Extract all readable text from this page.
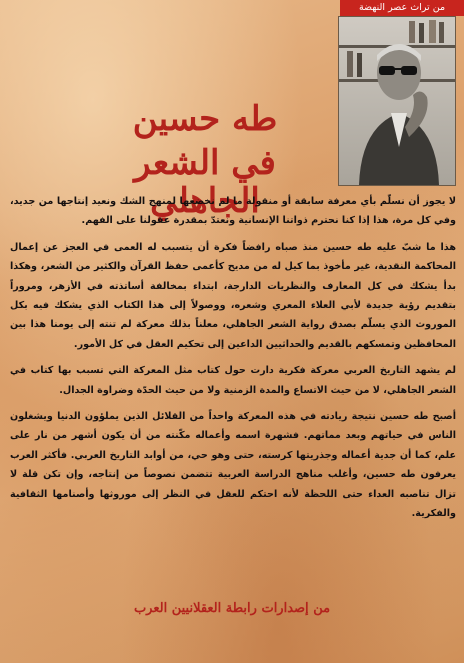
من تراث عصر النهضة
طه حسين
في الشعر الجاهلي

لا يجوز أن نسلّم بأي معرفة سابقة أو منقولة ما لم نخضعها لمنهج الشك ونعيد إنتاجها من جديد، وفي كل مرة، هذا إذا كنا نحترم ذواتنا الإنسانية ونعتدّ بمقدرة عقولنا على الفهم.

هذا ما شبّ عليه طه حسين منذ صباه رافضاً فكرة أن يتسبب له العمى في العجز عن إعمال المحاكمة النقدية، غير مأخوذ بما كيل له من مديح كأعمى حفظ القرآن والكثير من الشعر، وهكذا بدأ يشكك في كل المعارف والنظريات الدارجة، ابتداء بمخالفة أساتذته في الأزهر، ومروراً بتقديم رؤية جديدة لأبي العلاء المعري وشعره، ووصولاً إلى هذا الكتاب الذي يشكك فيه بكل الموروث الذي يسلّم بصدق رواية الشعر الجاهلي، معلناً بذلك معركة لم تنته إلى يومنا هذا بين المحافظين وتمسكهم بالقديم والحداثيين الداعين إلى تحكيم العقل في كل الأمور.

لم يشهد التاريخ العربي معركة فكرية دارت حول كتاب مثل المعركة التي تسبب بها كتاب في الشعر الجاهلي، لا من حيث الاتساع والمدة الزمنية ولا من حيث الحدّة وضراوة الجدال.

أصبح طه حسين نتيجة ريادته في هذه المعركة واحداً من القلائل الذين يملؤون الدنيا ويشغلون الناس في حياتهم وبعد مماتهم. فشهرة اسمه وأعماله مكّنته من أن يكون أشهر من نار على علم، كما أن جدية أعماله وجذريتها كرسته، حتى وهو حي، من أوابد التاريخ العربي. فأكثر العرب يعرفون طه حسين، وأغلب مناهج الدراسة العربية تتضمن نصوصاً من إنتاجه، وإن تكن قلة لا تزال تناصبه العداء حتى اللحظة لأنه احتكم للعقل في النظر إلى موروثها وأصنامها الثقافية والفكرية.

من إصدارات رابطة العقلانيين العرب
